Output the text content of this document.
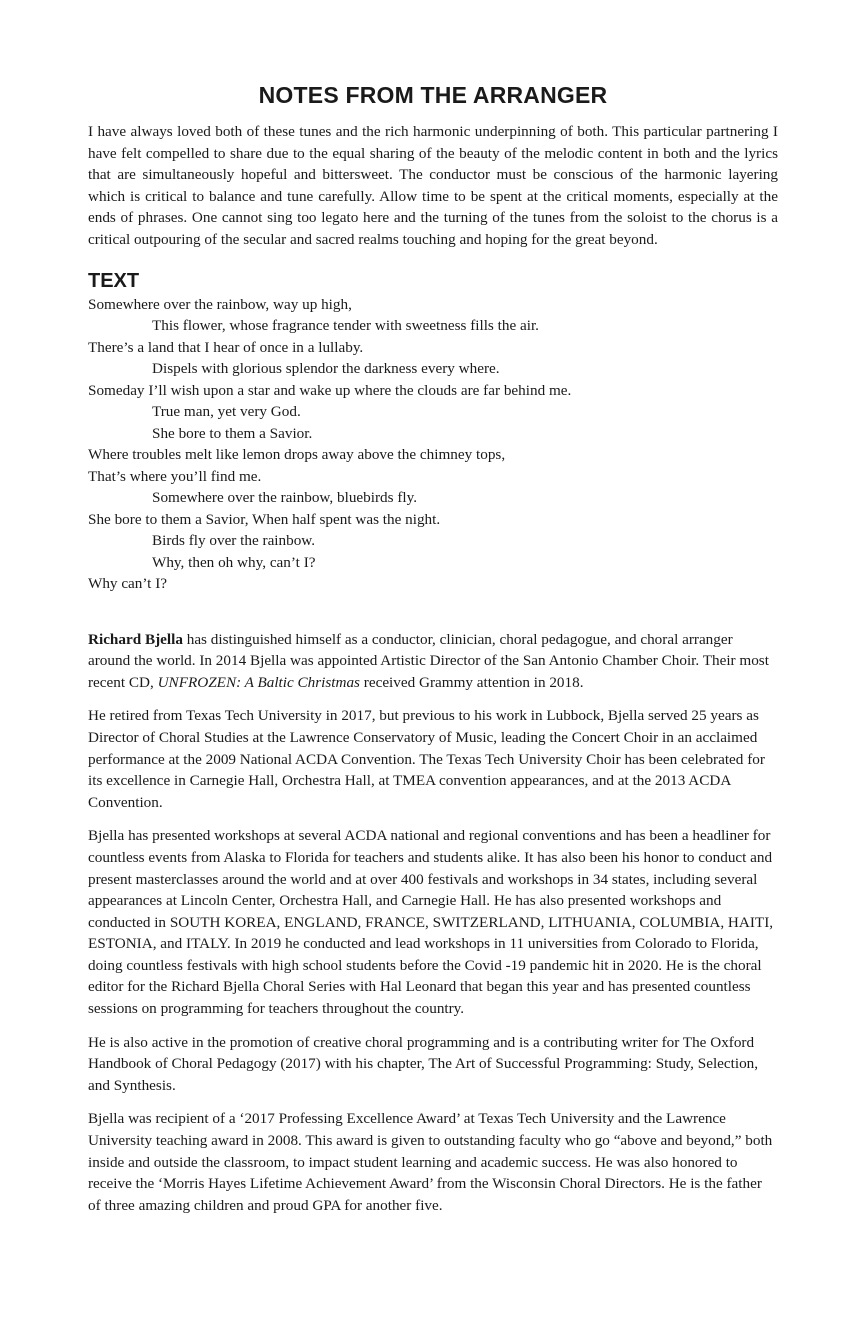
NOTES FROM THE ARRANGER

I have always loved both of these tunes and the rich harmonic underpinning of both. This particular partnering I have felt compelled to share due to the equal sharing of the beauty of the melodic content in both and the lyrics that are simultaneously hopeful and bittersweet. The conductor must be conscious of the harmonic layering which is critical to balance and tune carefully. Allow time to be spent at the critical moments, especially at the ends of phrases. One cannot sing too legato here and the turning of the tunes from the soloist to the chorus is a critical outpouring of the secular and sacred realms touching and hoping for the great beyond.

TEXT
Somewhere over the rainbow, way up high,
This flower, whose fragrance tender with sweetness fills the air.
There’s a land that I hear of once in a lullaby.
Dispels with glorious splendor the darkness every where.
Someday I’ll wish upon a star and wake up where the clouds are far behind me.
True man, yet very God.
She bore to them a Savior.
Where troubles melt like lemon drops away above the chimney tops,
That’s where you’ll find me.
Somewhere over the rainbow, bluebirds fly.
She bore to them a Savior, When half spent was the night.
Birds fly over the rainbow.
Why, then oh why, can’t I?
Why can’t I?

Richard Bjella has distinguished himself as a conductor, clinician, choral pedagogue, and choral arranger around the world. In 2014 Bjella was appointed Artistic Director of the San Antonio Chamber Choir. Their most recent CD, UNFROZEN: A Baltic Christmas received Grammy attention in 2018.

He retired from Texas Tech University in 2017, but previous to his work in Lubbock, Bjella served 25 years as Director of Choral Studies at the Lawrence Conservatory of Music, leading the Concert Choir in an acclaimed performance at the 2009 National ACDA Convention. The Texas Tech University Choir has been celebrated for its excellence in Carnegie Hall, Orchestra Hall, at TMEA convention appearances, and at the 2013 ACDA Convention.

Bjella has presented workshops at several ACDA national and regional conventions and has been a headliner for countless events from Alaska to Florida for teachers and students alike. It has also been his honor to conduct and present masterclasses around the world and at over 400 festivals and workshops in 34 states, including several appearances at Lincoln Center, Orchestra Hall, and Carnegie Hall. He has also presented workshops and conducted in SOUTH KOREA, ENGLAND, FRANCE, SWITZERLAND, LITHUANIA, COLUMBIA, HAITI, ESTONIA, and ITALY. In 2019 he conducted and lead workshops in 11 universities from Colorado to Florida, doing countless festivals with high school students before the Covid -19 pandemic hit in 2020. He is the choral editor for the Richard Bjella Choral Series with Hal Leonard that began this year and has presented countless sessions on programming for teachers throughout the country.

He is also active in the promotion of creative choral programming and is a contributing writer for The Oxford Handbook of Choral Pedagogy (2017) with his chapter, The Art of Successful Programming: Study, Selection, and Synthesis.

Bjella was recipient of a ‘2017 Professing Excellence Award’ at Texas Tech University and the Lawrence University teaching award in 2008. This award is given to outstanding faculty who go “above and beyond,” both inside and outside the classroom, to impact student learning and academic success. He was also honored to receive the ‘Morris Hayes Lifetime Achievement Award’ from the Wisconsin Choral Directors. He is the father of three amazing children and proud GPA for another five.
